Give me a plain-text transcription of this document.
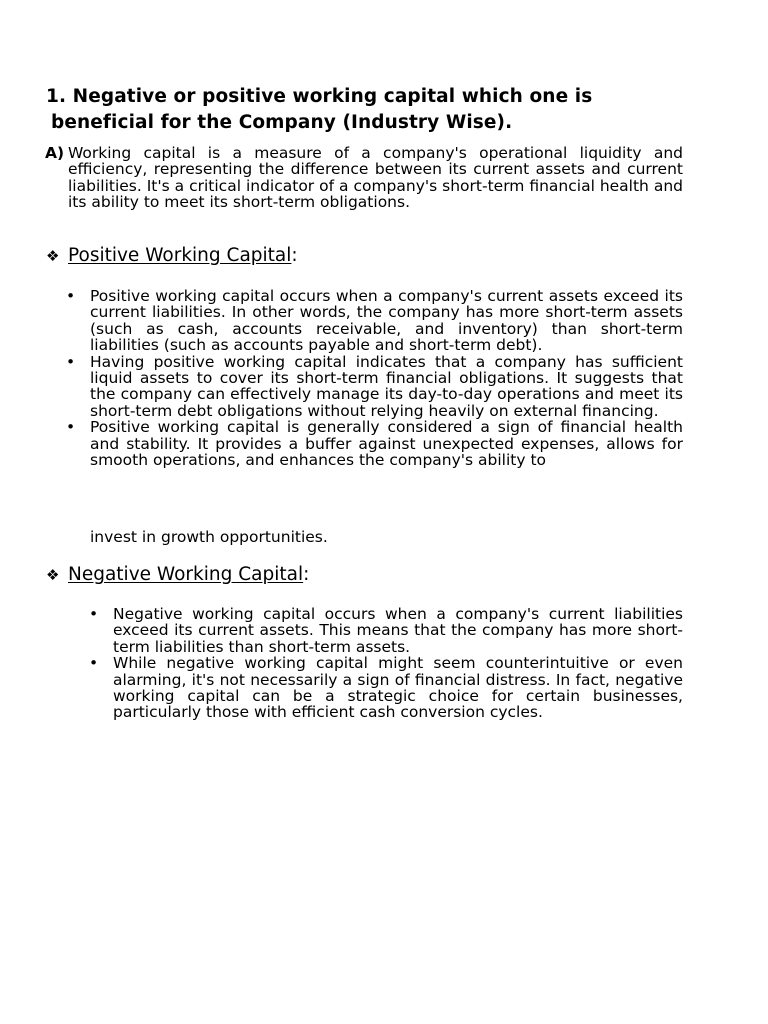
1. Negative or positive working capital which one is
beneficial for the Company (Industry Wise).
A) Working capital is a measure of a company's operational liquidity and efficiency, representing the difference between its current assets and current liabilities. It's a critical indicator of a company's short-term financial health and its ability to meet its short-term obligations.
❖ Positive Working Capital:
• Positive working capital occurs when a company's current assets exceed its current liabilities. In other words, the company has more short-term assets (such as cash, accounts receivable, and inventory) than short-term liabilities (such as accounts payable and short-term debt).
• Having positive working capital indicates that a company has sufficient liquid assets to cover its short-term financial obligations. It suggests that the company can effectively manage its day-to-day operations and meet its short-term debt obligations without relying heavily on external financing.
• Positive working capital is generally considered a sign of financial health and stability. It provides a buffer against unexpected expenses, allows for smooth operations, and enhances the company's ability to
invest in growth opportunities.
❖ Negative Working Capital:
• Negative working capital occurs when a company's current liabilities exceed its current assets. This means that the company has more short- term liabilities than short-term assets.
• While negative working capital might seem counterintuitive or even alarming, it's not necessarily a sign of financial distress. In fact, negative working capital can be a strategic choice for certain businesses, particularly those with efficient cash conversion cycles.
